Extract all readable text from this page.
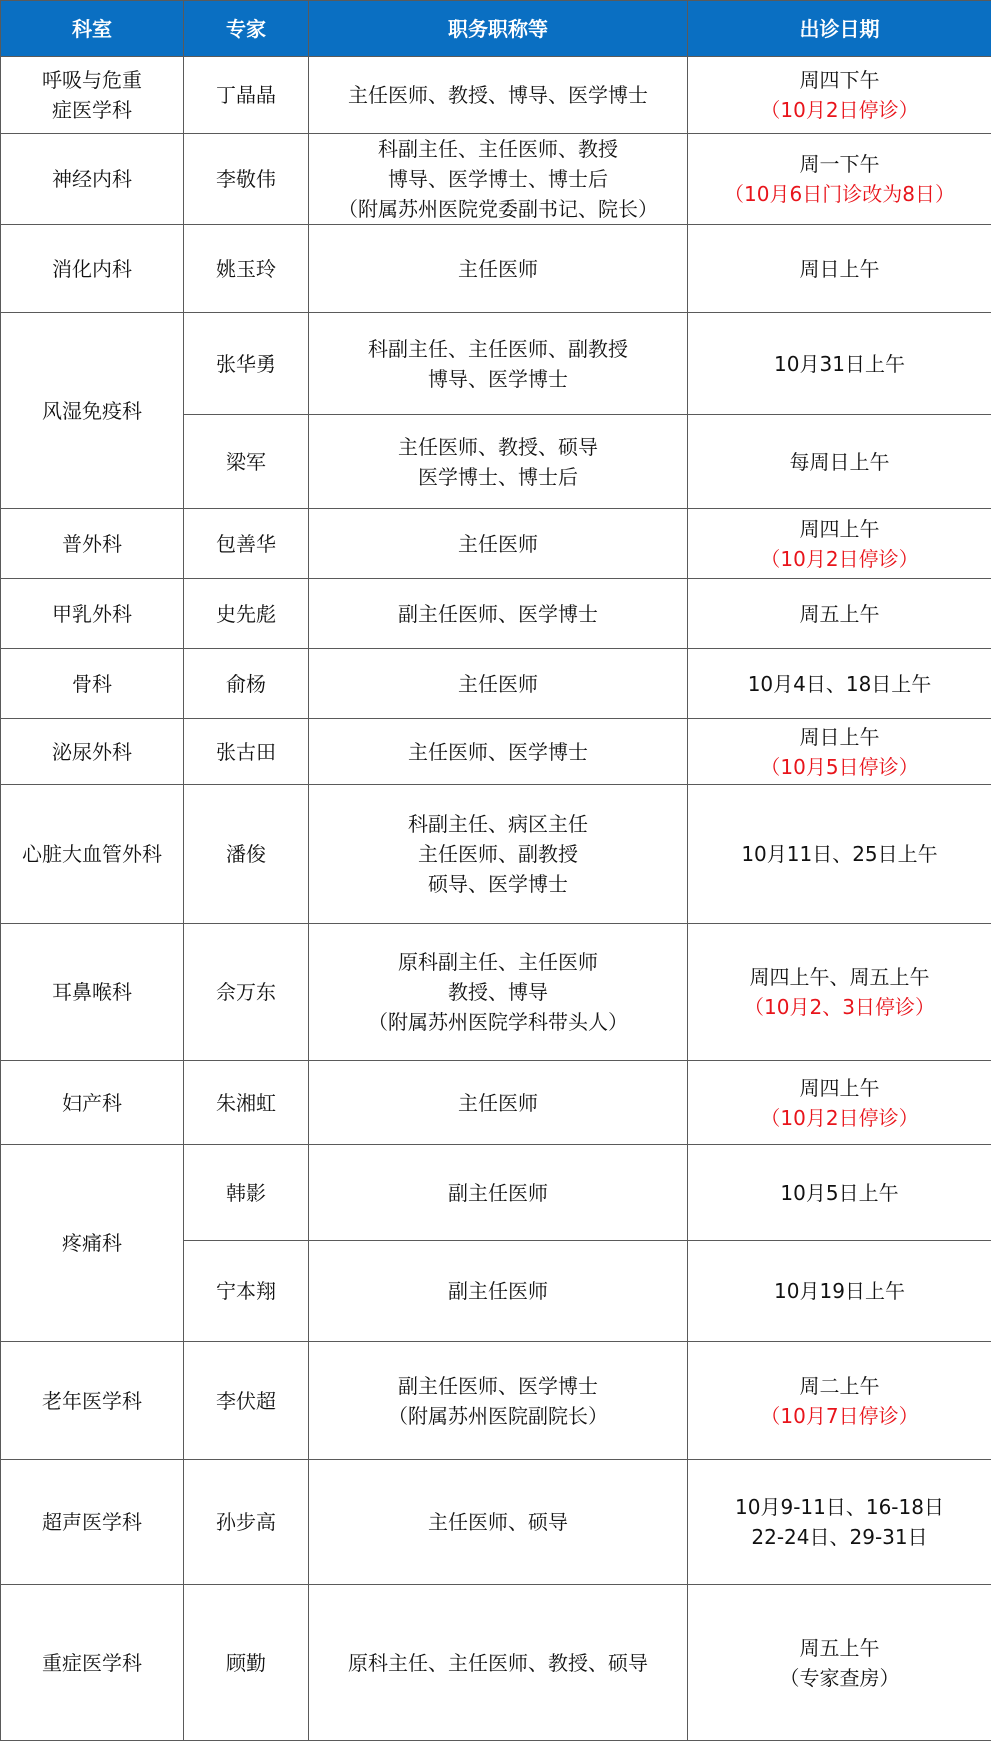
科室	专家	职务职称等	出诊日期

呼吸与危重
症医学科	丁晶晶	主任医师、教授、博导、医学博士	周四下午
（10月2日停诊）

神经内科	李敬伟	科副主任、主任医师、教授
博导、医学博士、博士后
（附属苏州医院党委副书记、院长）	周一下午
（10月6日门诊改为8日）

消化内科	姚玉玲	主任医师	周日上午

风湿免疫科	张华勇	科副主任、主任医师、副教授
博导、医学博士	10月31日上午

	梁军	主任医师、教授、硕导
医学博士、博士后	每周日上午

普外科	包善华	主任医师	周四上午
（10月2日停诊）

甲乳外科	史先彪	副主任医师、医学博士	周五上午

骨科	俞杨	主任医师	10月4日、18日上午

泌尿外科	张古田	主任医师、医学博士	周日上午
（10月5日停诊）

心脏大血管外科	潘俊	科副主任、病区主任
主任医师、副教授
硕导、医学博士	10月11日、25日上午

耳鼻喉科	佘万东	原科副主任、主任医师
教授、博导
（附属苏州医院学科带头人）	周四上午、周五上午
（10月2、3日停诊）

妇产科	朱湘虹	主任医师	周四上午
（10月2日停诊）

疼痛科	韩影	副主任医师	10月5日上午

	宁本翔	副主任医师	10月19日上午

老年医学科	李伏超	副主任医师、医学博士
（附属苏州医院副院长）	周二上午
（10月7日停诊）

超声医学科	孙步高	主任医师、硕导	10月9-11日、16-18日
22-24日、29-31日

重症医学科	顾勤	原科主任、主任医师、教授、硕导	周五上午
（专家查房）
